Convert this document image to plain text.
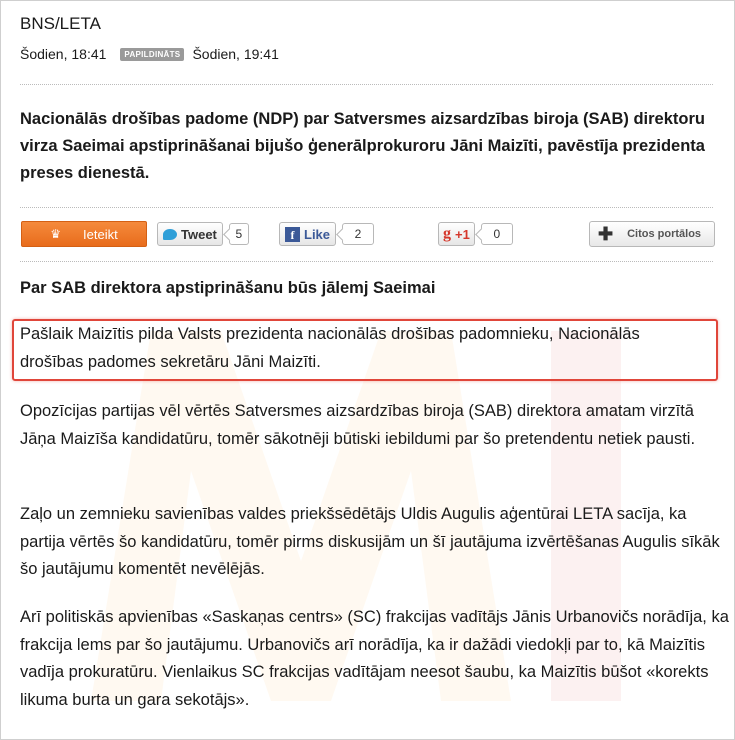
BNS/LETA
Šodien, 18:41	PAPILDINĀTS Šodien, 19:41
Nacionālās drošības padome (NDP) par Satversmes aizsardzības biroja (SAB) direktoru virza Saeimai apstiprināšanai bijušo ģenerālprokuroru Jāni Maizīti, pavēstīja prezidenta preses dienestā.
♛ Ieteikt	Tweet	5	f Like	2	g +1	0	✚ Citos portālos
Par SAB direktora apstiprināšanu būs jālemj Saeimai
Pašlaik Maizītis pilda Valsts prezidenta nacionālās drošības padomnieku, Nacionālās drošības padomes sekretāru Jāni Maizīti.
Opozīcijas partijas vēl vērtēs Satversmes aizsardzības biroja (SAB) direktora amatam virzītā Jāņa Maizīša kandidatūru, tomēr sākotnēji būtiski iebildumi par šo pretendentu netiek pausti.
Zaļo un zemnieku savienības valdes priekšsēdētājs Uldis Augulis aģentūrai LETA sacīja, ka partija vērtēs šo kandidatūru, tomēr pirms diskusijām un šī jautājuma izvērtēšanas Augulis sīkāk šo jautājumu komentēt nevēlējās.
Arī politiskās apvienības «Saskaņas centrs» (SC) frakcijas vadītājs Jānis Urbanovičs norādīja, ka frakcija lems par šo jautājumu. Urbanovičs arī norādīja, ka ir dažādi viedokļi par to, kā Maizītis vadīja prokuratūru. Vienlaikus SC frakcijas vadītājam neesot šaubu, ka Maizītis būšot «korekts likuma burta un gara sekotājs».
